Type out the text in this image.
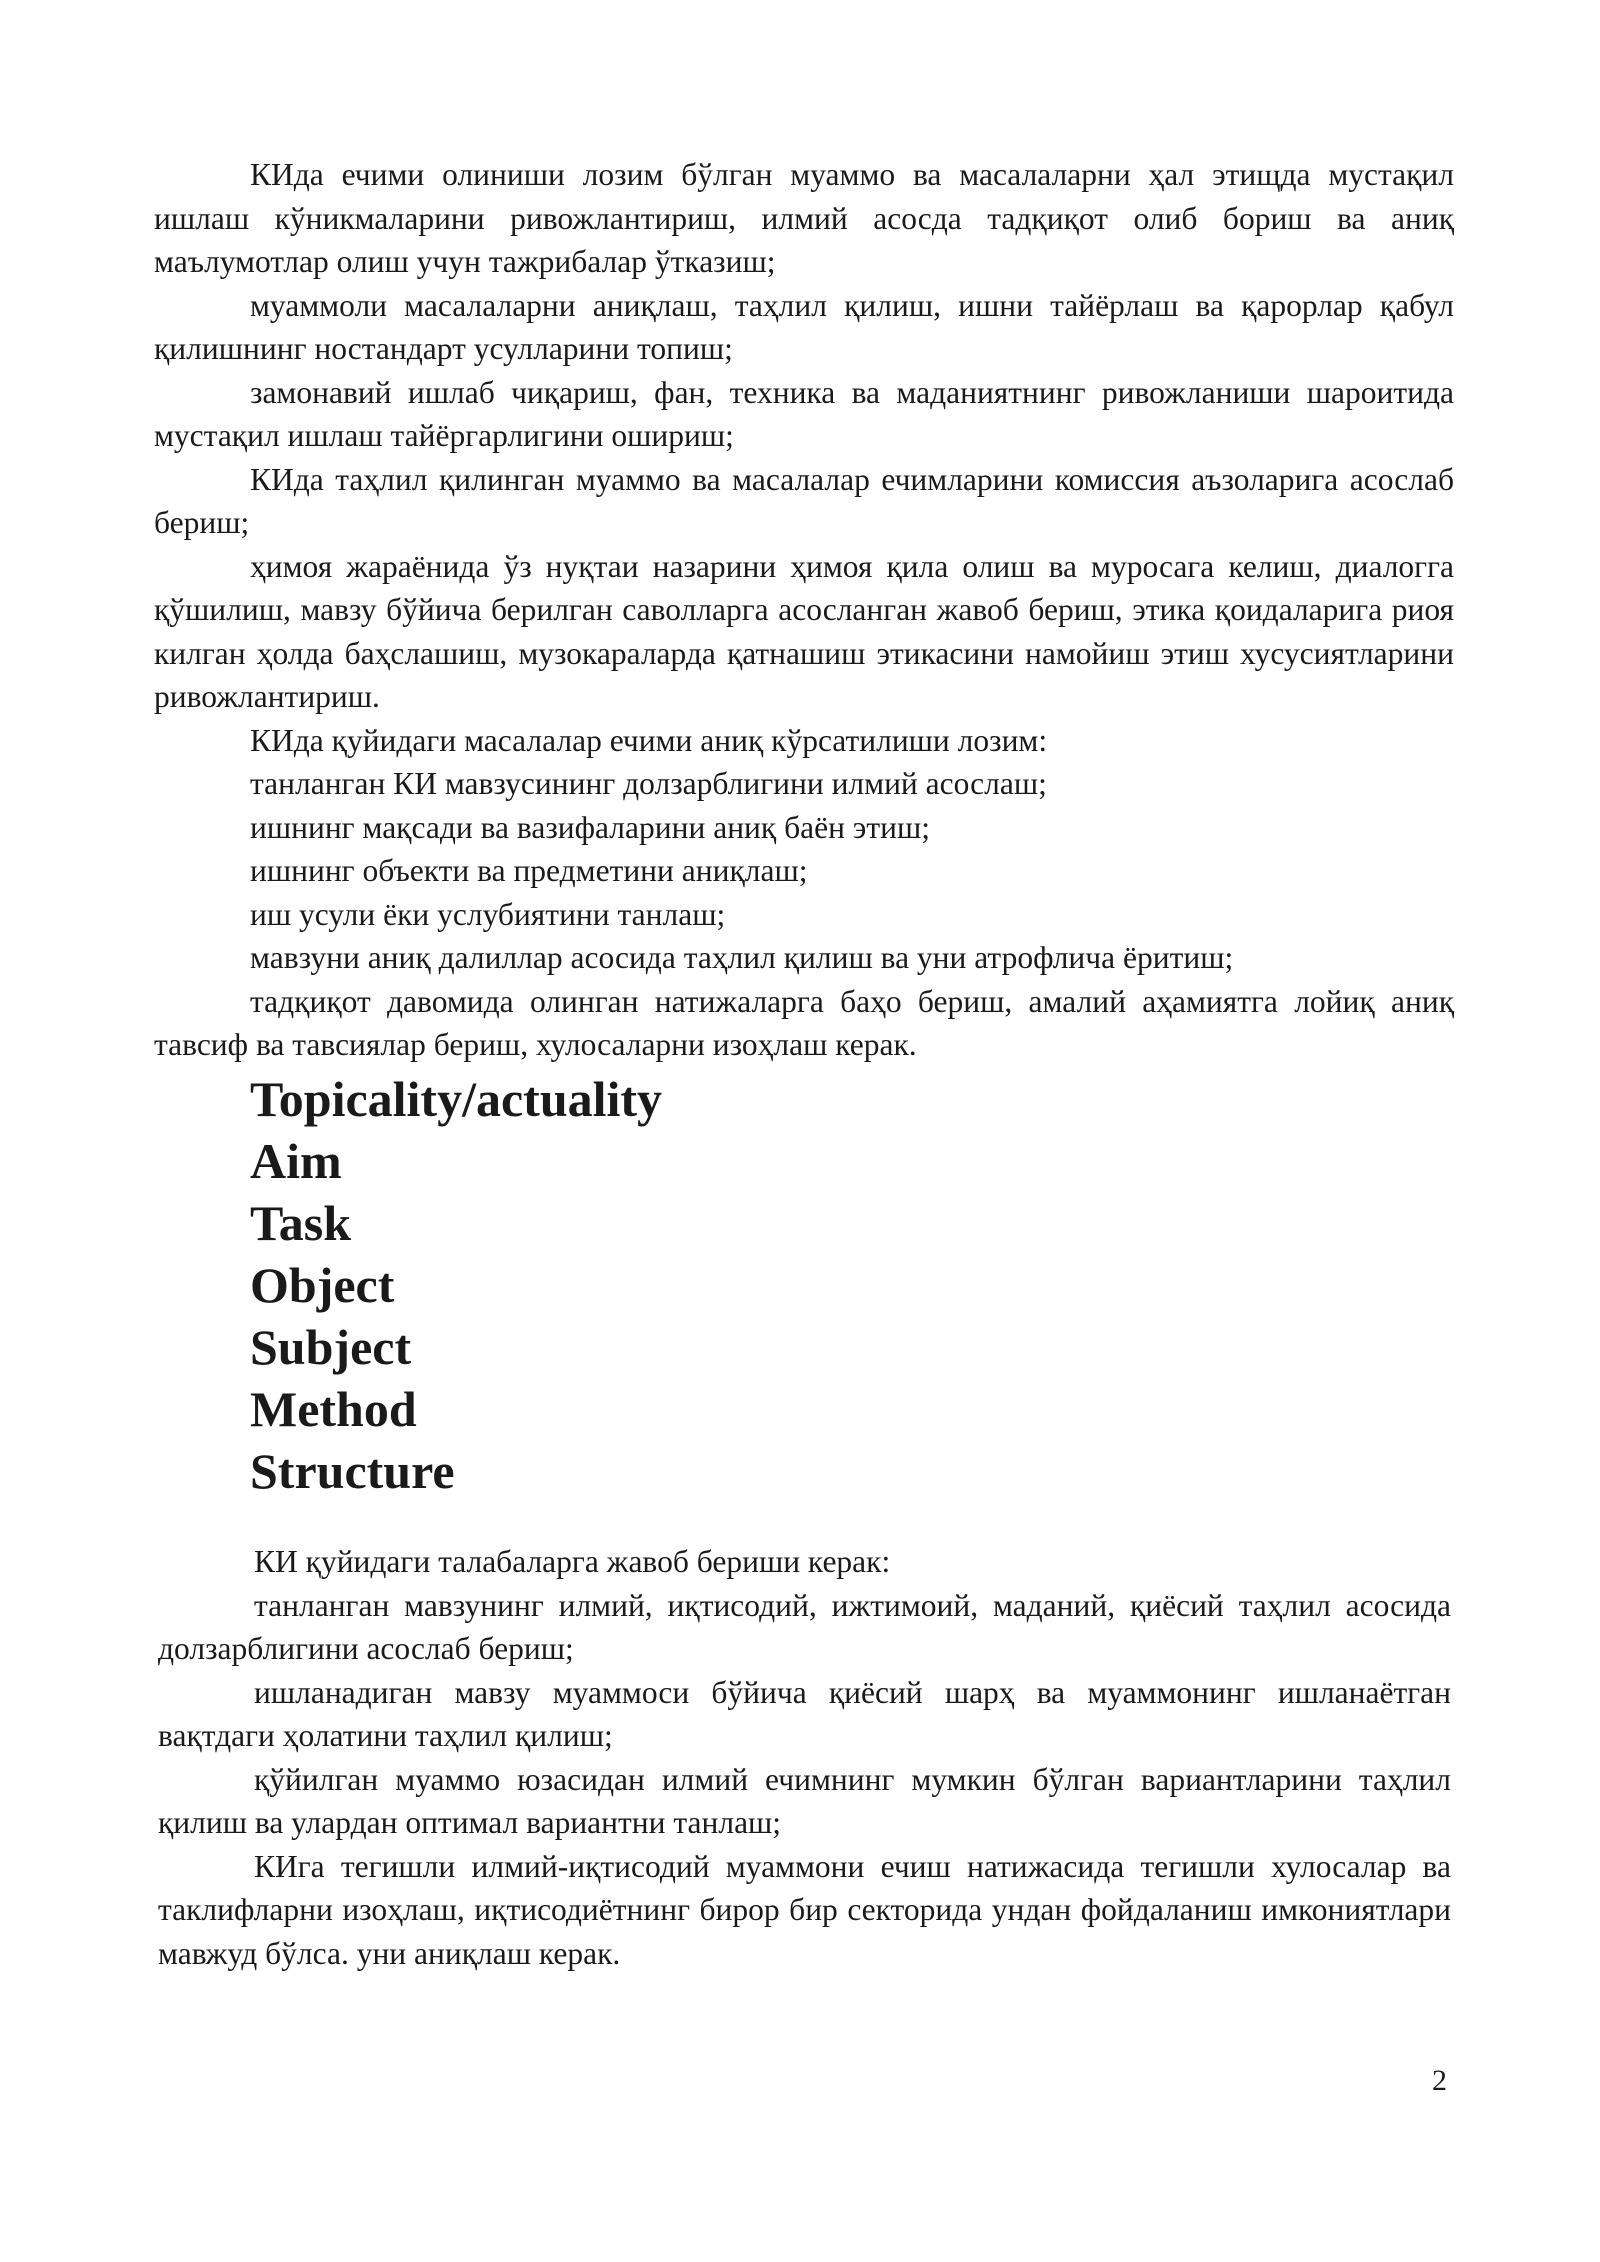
КИда ечими олиниши лозим бўлган муаммо ва масалаларни ҳал этищда мустақил ишлаш кўникмаларини ривожлантириш, илмий асосда тадқиқот олиб бориш ва аниқ маълумотлар олиш учун тажрибалар ўтказиш;

муаммоли масалаларни аниқлаш, таҳлил қилиш, ишни тайёрлаш ва қарорлар қабул қилишнинг ностандарт усулларини топиш;

замонавий ишлаб чиқариш, фан, техника ва маданиятнинг ривожланиши шароитида мустақил ишлаш тайёргарлигини ошириш;

КИда таҳлил қилинган муаммо ва масалалар ечимларини комиссия аъзоларига асослаб бериш;

ҳимоя жараёнида ўз нуқтаи назарини ҳимоя қила олиш ва муросага келиш, диалогга қўшилиш, мавзу бўйича берилган саволларга асосланган жавоб бериш, этика қоидаларига риоя килган ҳолда баҳслашиш, музокараларда қатнашиш этикасини намойиш этиш хусусиятларини ривожлантириш.

КИда қуйидаги масалалар ечими аниқ кўрсатилиши лозим:

танланган КИ мавзусининг долзарблигини илмий асослаш;

ишнинг мақсади ва вазифаларини аниқ баён этиш;

ишнинг объекти ва предметини аниқлаш;

иш усули ёки услубиятини танлаш;

мавзуни аниқ далиллар асосида таҳлил қилиш ва уни атрофлича ёритиш;

тадқиқот давомида олинган натижаларга баҳо бериш, амалий аҳамиятга лойиқ аниқ тавсиф ва тавсиялар бериш, хулосаларни изоҳлаш керак.

Topicality/actuality
Aim
Task
Object
Subject
Method
Structure

КИ қуйидаги талабаларга жавоб бериши керак:

танланган мавзунинг илмий, иқтисодий, ижтимоий, маданий, қиёсий таҳлил асосида долзарблигини асослаб бериш;

ишланадиган мавзу муаммоси бўйича қиёсий шарҳ ва муаммонинг ишланаётган вақтдаги ҳолатини таҳлил қилиш;

қўйилган муаммо юзасидан илмий ечимнинг мумкин бўлган вариантларини таҳлил қилиш ва улардан оптимал вариантни танлаш;

КИга тегишли илмий-иқтисодий муаммони ечиш натижасида тегишли хулосалар ва таклифларни изоҳлаш, иқтисодиётнинг бирор бир секторида ундан фойдаланиш имкониятлари мавжуд бўлса. уни аниқлаш керак.

2
